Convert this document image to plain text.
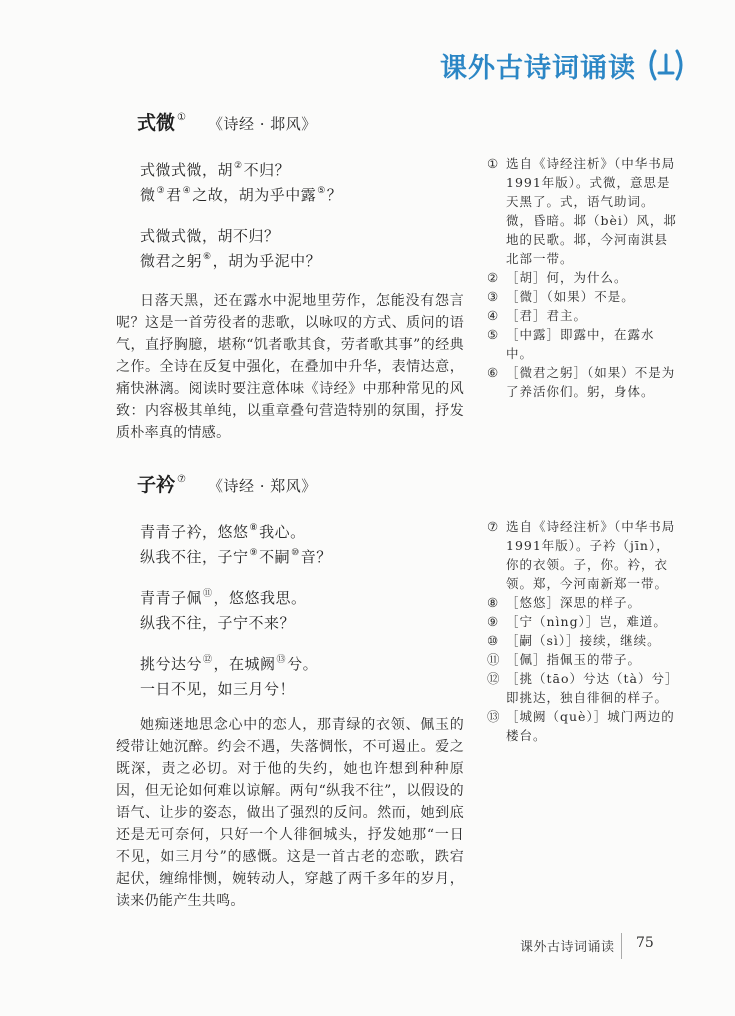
课外古诗词诵读
式微 ① 《诗经 · 邶风》
式微式微，胡②不归？
微③君④之故，胡为乎中露⑤？
式微式微，胡不归？
微君之躬⑥，胡为乎泥中？
日落天黑，还在露水中泥地里劳作，怎能没有怨言呢？这是一首劳役者的悲歌，以咏叹的方式、质问的语气，直抒胸臆，堪称“饥者歌其食，劳者歌其事”的经典之作。全诗在反复中强化，在叠加中升华，表情达意，痛快淋漓。阅读时要注意体味《诗经》中那种常见的风致：内容极其单纯，以重章叠句营造特别的氛围，抒发质朴率真的情感。
① 选自《诗经注析》（中华书局1991年版）。式微，意思是天黑了。式，语气助词。微，昏暗。邶（bèi）风，邶地的民歌。邶，今河南淇县北部一带。
② ［胡］何，为什么。
③ ［微］（如果）不是。
④ ［君］君主。
⑤ ［中露］即露中，在露水中。
⑥ ［微君之躬］（如果）不是为了养活你们。躬，身体。
子衿 ⑦ 《诗经 · 郑风》
青青子衿，悠悠⑧我心。
纵我不往，子宁⑨不嗣⑩音？
青青子佩⑪，悠悠我思。
纵我不往，子宁不来？
挑兮达兮⑫，在城阙⑬兮。
一日不见，如三月兮！
她痴迷地思念心中的恋人，那青绿的衣领、佩玉的绶带让她沉醉。约会不遇，失落惆怅，不可遏止。爱之既深，责之必切。对于他的失约，她也许想到种种原因，但无论如何难以谅解。两句“纵我不往”，以假设的语气、让步的姿态，做出了强烈的反问。然而，她到底还是无可奈何，只好一个人徘徊城头，抒发她那“一日不见，如三月兮”的感慨。这是一首古老的恋歌，跌宕起伏，缠绵悱恻，婉转动人，穿越了两千多年的岁月，读来仍能产生共鸣。
⑦ 选自《诗经注析》（中华书局1991年版）。子衿（jīn），你的衣领。子，你。衿，衣领。郑，今河南新郑一带。
⑧ ［悠悠］深思的样子。
⑨ ［宁（nìng）］岂，难道。
⑩ ［嗣（sì）］接续，继续。
⑪ ［佩］指佩玉的带子。
⑫ ［挑（tāo）兮达（tà）兮］即挑达，独自徘徊的样子。
⑬ ［城阙（què）］城门两边的楼台。
课外古诗词诵读 75
